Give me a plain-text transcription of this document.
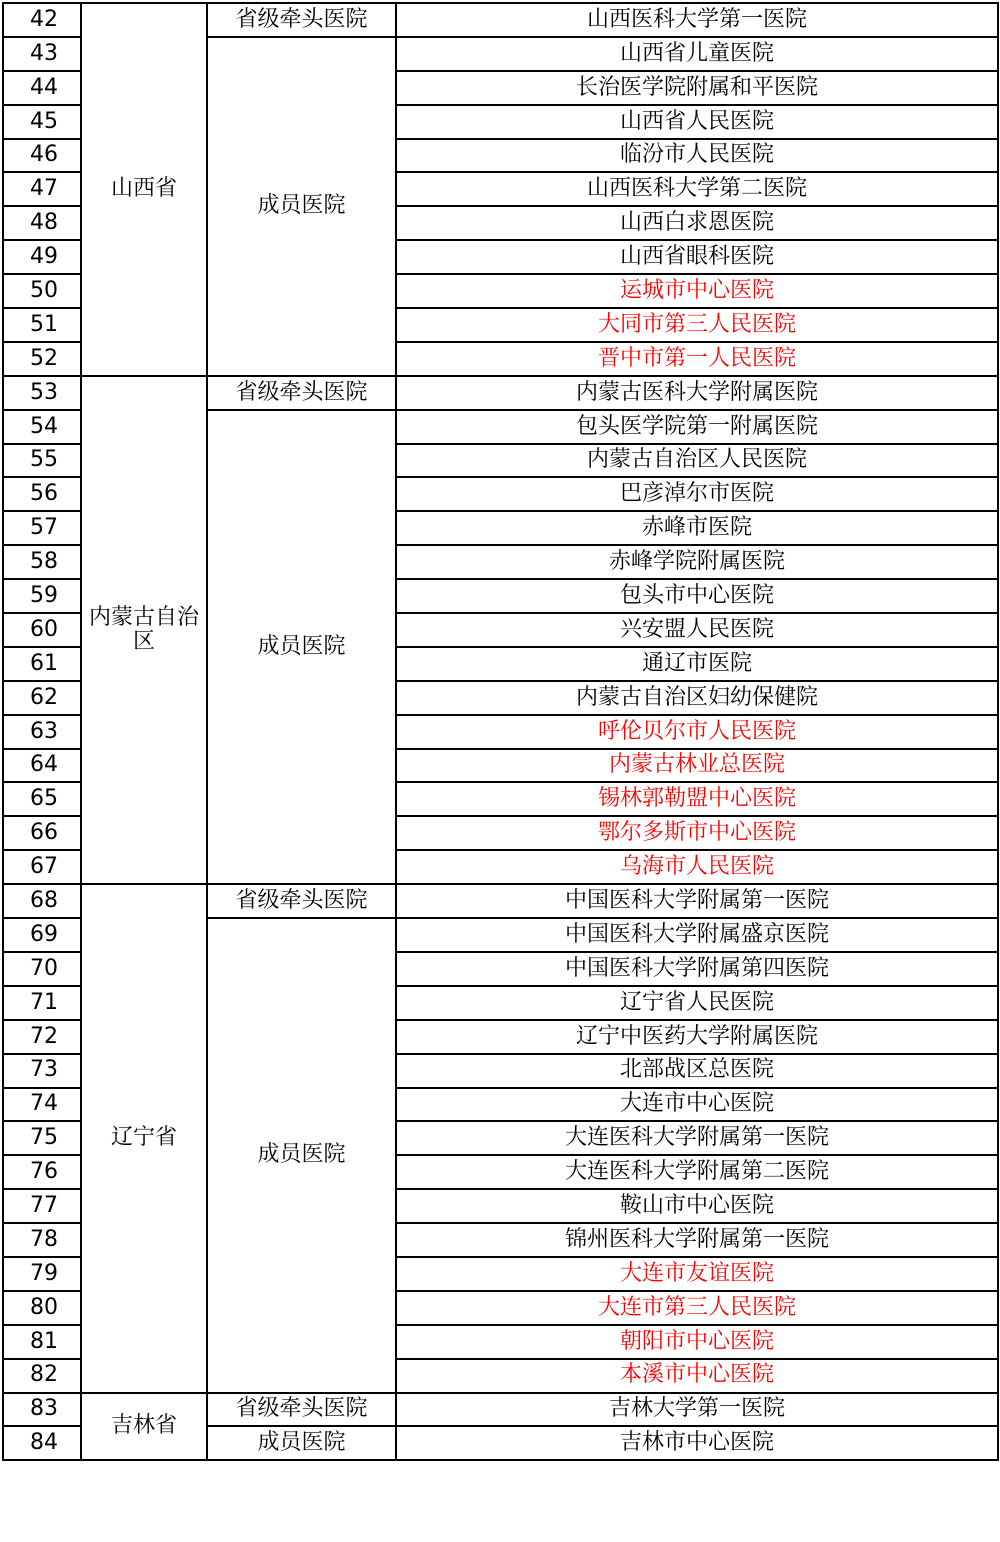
42	山西省	省级牵头医院	山西医科大学第一医院
43		成员医院	山西省儿童医院
44			长治医学院附属和平医院
45			山西省人民医院
46			临汾市人民医院
47			山西医科大学第二医院
48			山西白求恩医院
49			山西省眼科医院
50			运城市中心医院
51			大同市第三人民医院
52			晋中市第一人民医院
53	内蒙古自治区	省级牵头医院	内蒙古医科大学附属医院
54		成员医院	包头医学院第一附属医院
55			内蒙古自治区人民医院
56			巴彦淖尔市医院
57			赤峰市医院
58			赤峰学院附属医院
59			包头市中心医院
60			兴安盟人民医院
61			通辽市医院
62			内蒙古自治区妇幼保健院
63			呼伦贝尔市人民医院
64			内蒙古林业总医院
65			锡林郭勒盟中心医院
66			鄂尔多斯市中心医院
67			乌海市人民医院
68	辽宁省	省级牵头医院	中国医科大学附属第一医院
69		成员医院	中国医科大学附属盛京医院
70			中国医科大学附属第四医院
71			辽宁省人民医院
72			辽宁中医药大学附属医院
73			北部战区总医院
74			大连市中心医院
75			大连医科大学附属第一医院
76			大连医科大学附属第二医院
77			鞍山市中心医院
78			锦州医科大学附属第一医院
79			大连市友谊医院
80			大连市第三人民医院
81			朝阳市中心医院
82			本溪市中心医院
83	吉林省	省级牵头医院	吉林大学第一医院
84		成员医院	吉林市中心医院
